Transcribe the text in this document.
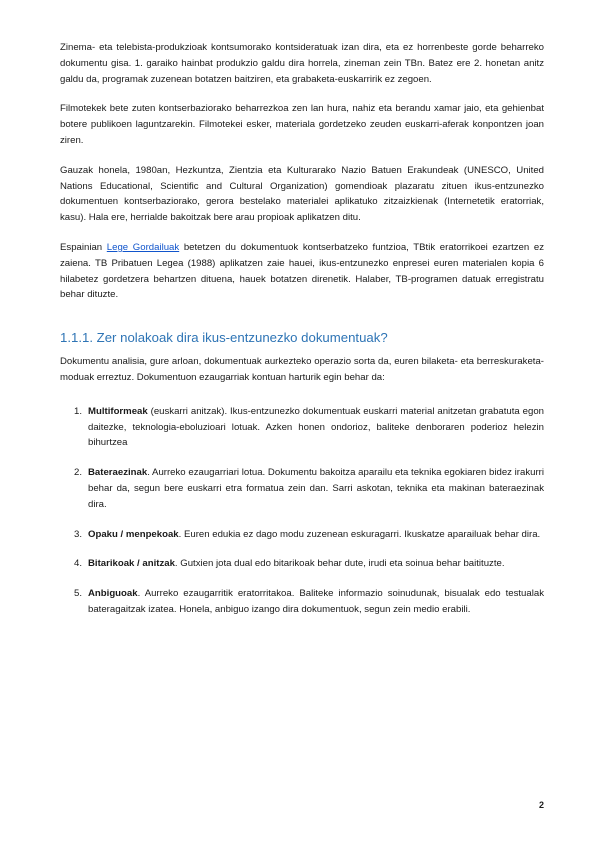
Zinema- eta telebista-produkzioak kontsumorako kontsideratuak izan dira, eta ez horrenbeste gorde beharreko dokumentu gisa. 1. garaiko hainbat produkzio galdu dira horrela, zineman zein TBn. Batez ere 2. honetan anitz galdu da, programak zuzenean botatzen baitziren, eta grabaketa-euskarririk ez zegoen.

Filmotekek bete zuten kontserbaziorako beharrezkoa zen lan hura, nahiz eta berandu xamar jaio, eta gehienbat botere publikoen laguntzarekin. Filmotekei esker, materiala gordetzeko zeuden euskarri-aferak konpontzen joan ziren.

Gauzak honela, 1980an, Hezkuntza, Zientzia eta Kulturarako Nazio Batuen Erakundeak (UNESCO, United Nations Educational, Scientific and Cultural Organization) gomendioak plazaratu zituen ikus-entzunezko dokumentuen kontserbaziorako, gerora bestelako materialei aplikatuko zitzaizkienak (Internetetik eratorriak, kasu). Hala ere, herrialde bakoitzak bere arau propioak aplikatzen ditu.

Espainian Lege Gordailuak betetzen du dokumentuok kontserbatzeko funtzioa, TBtik eratorrikoei ezartzen ez zaiena. TB Pribatuen Legea (1988) aplikatzen zaie hauei, ikus-entzunezko enpresei euren materialen kopia 6 hilabetez gordetzera behartzen dituena, hauek botatzen direnetik. Halaber, TB-programen datuak erregistratu behar dituzte.

1.1.1. Zer nolakoak dira ikus-entzunezko dokumentuak?

Dokumentu analisia, gure arloan, dokumentuak aurkezteko operazio sorta da, euren bilaketa- eta berreskuraketa-moduak erreztuz. Dokumentuon ezaugarriak kontuan harturik egin behar da:

1. Multiformeak (euskarri anitzak). Ikus-entzunezko dokumentuak euskarri material anitzetan grabatuta egon daitezke, teknologia-eboluzioari lotuak. Azken honen ondorioz, baliteke denboraren poderioz helezin bihurtzea
2. Bateraezinak. Aurreko ezaugarriari lotua. Dokumentu bakoitza aparailu eta teknika egokiaren bidez irakurri behar da, segun bere euskarri etra formatua zein dan. Sarri askotan, teknika eta makinan bateraezinak dira.
3. Opaku / menpekoak. Euren edukia ez dago modu zuzenean eskuragarri. Ikuskatze aparailuak behar dira.
4. Bitarikoak / anitzak. Gutxien jota dual edo bitarikoak behar dute, irudi eta soinua behar baitituzte.
5. Anbiguoak. Aurreko ezaugarritik eratorritakoa. Baliteke informazio soinudunak, bisualak edo testualak bateragaitzak izatea. Honela, anbiguo izango dira dokumentuok, segun zein medio erabili.
2
